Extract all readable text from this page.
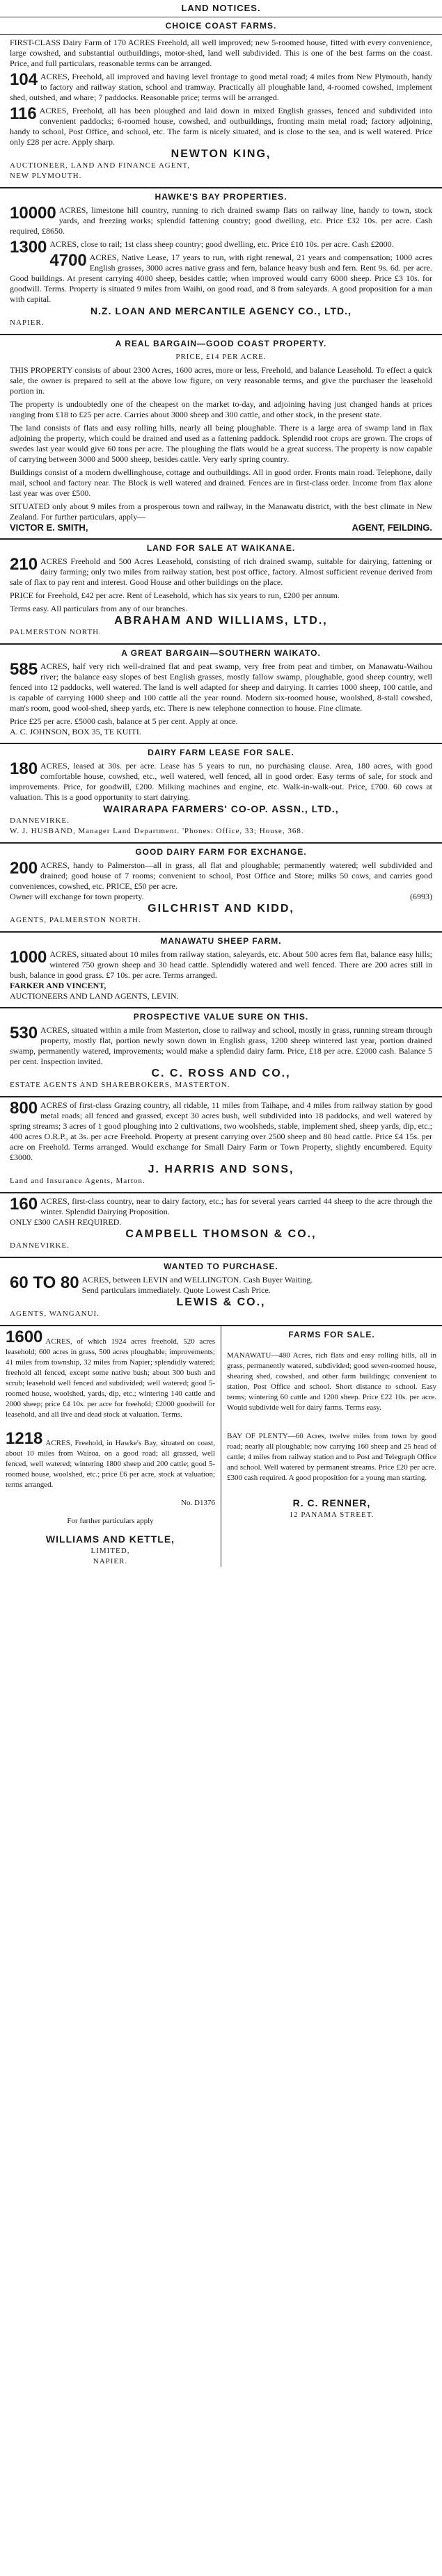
LAND NOTICES.
CHOICE COAST FARMS.

FIRST-CLASS Dairy Farm of 170 ACRES Freehold, all well improved; new 5-roomed house, fitted with every convenience, large cowshed, and substantial outbuildings, motor-shed, land well subdivided. This is one of the best farms on the coast. Price, and full particulars, reasonable terms can be arranged.

104 ACRES, Freehold, all improved and having level frontage to good metal road; 4 miles from New Plymouth, handy to factory and railway station, school and tramway. Practically all ploughable land, 4-roomed cowshed, implement shed, outshed, and whare; 7 paddocks. Reasonable price; terms will be arranged.

116 ACRES, Freehold, all has been ploughed and laid down in mixed English grasses, fenced and subdivided into convenient paddocks; 6-roomed house, cowshed, and outbuildings, fronting main metal road; factory adjoining, handy to school, Post Office, and school, etc. The farm is nicely situated, and is close to the sea, and is well watered. Price only £28 per acre. Apply sharp.

NEWTON KING,

AUCTIONEER, LAND AND FINANCE AGENT,

NEW PLYMOUTH.

HAWKE'S BAY PROPERTIES.
10000 ACRES, limestone hill country, running to rich drained swamp flats on railway line, handy to town, stock yards, and freezing works; splendid fattening country; good dwelling, etc. Price £32 10s. per acre. Cash required, £8650.

1300 ACRES, close to rail; 1st class sheep country; good dwelling, etc. Price £10 10s. per acre. Cash £2000.

4700 ACRES, Native Lease, 17 years to run, with right renewal, 21 years and compensation; 1000 acres English grasses, 3000 acres native grass and fern, balance heavy bush and fern. Rent 9s. 6d. per acre. Good buildings. At present carrying 4000 sheep, besides cattle; when improved would carry 6000 sheep. Price £3 10s. for goodwill. Terms. Property is situated 9 miles from Waihi, on good road, and 8 from saleyards. A good proposition for a man with capital.

N.Z. LOAN AND MERCANTILE AGENCY CO., LTD.,

NAPIER.

A REAL BARGAIN—GOOD COAST PROPERTY.

PRICE, £14 PER ACRE.

THIS PROPERTY consists of about 2300 Acres, 1600 acres, more or less, Freehold, and balance Leasehold. To effect a quick sale, the owner is prepared to sell at the above low figure, on very reasonable terms, and give the purchaser the leasehold portion in.

The property is undoubtedly one of the cheapest on the market to-day, and adjoining having just changed hands at prices ranging from £18 to £25 per acre. Carries about 3000 sheep and 300 cattle, and other stock, in the present state.

The land consists of flats and easy rolling hills, nearly all being ploughable. There is a large area of swamp land in flax adjoining the property, which could be drained and used as a fattening paddock. Splendid root crops are grown. The crops of swedes last year would give 60 tons per acre. The ploughing the flats would be a great success. The property is now capable of carrying between 3000 and 5000 sheep, besides cattle. Very early spring country.

Buildings consist of a modern dwellinghouse, cottage and outbuildings. All in good order. Fronts main road. Telephone, daily mail, school and factory near. The Block is well watered and drained. Fences are in first-class order. Income from flax alone last year was over £500.

SITUATED only about 9 miles from a prosperous town and railway, in the Manawatu district, with the best climate in New Zealand. For further particulars, apply—

VICTOR E. SMITH,	AGENT, FEILDING.
LAND FOR SALE AT WAIKANAE.
210 ACRES Freehold and 500 Acres Leasehold, consisting of rich drained swamp, suitable for dairying, fattening or dairy farming; only two miles from railway station, best post office, factory. Almost sufficient revenue derived from sale of flax to pay rent and interest. Good House and other buildings on the place.

PRICE for Freehold, £42 per acre. Rent of Leasehold, which has six years to run, £200 per annum.

Terms easy. All particulars from any of our branches.

ABRAHAM AND WILLIAMS, LTD.,

PALMERSTON NORTH.

A GREAT BARGAIN—SOUTHERN WAIKATO.
585 ACRES, half very rich well-drained flat and peat swamp, very free from peat and timber, on Manawatu-Waihou river; the balance easy slopes of best English grasses, mostly fallow swamp, ploughable, good sheep country, well fenced into 12 paddocks, well watered. The land is well adapted for sheep and dairying. It carries 1000 sheep, 100 cattle, and is capable of carrying 1000 sheep and 100 cattle all the year round. Modern six-roomed house, woolshed, 8-stall cowshed, man's room, good wool-shed, sheep yards, etc. There is new telephone connection to house. Fine climate.

Price £25 per acre. £5000 cash, balance at 5 per cent. Apply at once.

A. C. JOHNSON, BOX 35, TE KUITI.

DAIRY FARM LEASE FOR SALE.
180 ACRES, leased at 30s. per acre. Lease has 5 years to run, no purchasing clause. Area, 180 acres, with good comfortable house, cowshed, etc., well watered, well fenced, all in good order. Easy terms of sale, for stock and improvements. Price, for goodwill, £200. Milking machines and engine, etc. Walk-in-walk-out. Price, £700. 60 cows at valuation. This is a good opportunity to start dairying.

WAIRARAPA FARMERS' CO-OP. ASSN., LTD.,

DANNEVIRKE.

W. J. HUSBAND, Manager Land Department. 'Phones: Office, 33; House, 368.

GOOD DAIRY FARM FOR EXCHANGE.
200 ACRES, handy to Palmerston—all in grass, all flat and ploughable; permanently watered; well subdivided and drained; good house of 7 rooms; convenient to school, Post Office and Store; milks 50 cows, and carries good conveniences, cowshed, etc. PRICE, £50 per acre.

Owner will exchange for town property.	(6993)
GILCHRIST AND KIDD,

AGENTS, PALMERSTON NORTH.

MANAWATU SHEEP FARM.
1000 ACRES, situated about 10 miles from railway station, saleyards, etc. About 500 acres fern flat, balance easy hills; wintered 750 grown sheep and 30 head cattle. Splendidly watered and well fenced. There are 200 acres still in bush, balance in good grass. £7 10s. per acre. Terms arranged.

FARKER AND VINCENT,

AUCTIONEERS AND LAND AGENTS, LEVIN.

PROSPECTIVE VALUE SURE ON THIS.
530 ACRES, situated within a mile from Masterton, close to railway and school, mostly in grass, running stream through property, mostly flat, portion newly sown down in English grass, 1200 sheep wintered last year, portion drained swamp, permanently watered, improvements; would make a splendid dairy farm. Price, £18 per acre. £2000 cash. Balance 5 per cent. Inspection invited.

C. C. ROSS AND CO.,

ESTATE AGENTS AND SHAREBROKERS, MASTERTON.

800 ACRES of first-class Grazing country, all ridable, 11 miles from Taihape, and 4 miles from railway station by good metal roads; all fenced and grassed, except 30 acres bush, well subdivided into 18 paddocks, and well watered by spring streams; 3 acres of 1 good ploughing into 2 cultivations, two woolsheds, stable, implement shed, sheep yards, dip, etc.; 400 acres O.R.P., at 3s. per acre Freehold. Property at present carrying over 2500 sheep and 80 head cattle. Price £4 15s. per acre on Freehold. Terms arranged. Would exchange for Small Dairy Farm or Town Property, slightly encumbered. Equity £3000.

J. HARRIS AND SONS,

Land and Insurance Agents, Marton.

160 ACRES, first-class country, near to dairy factory, etc.; has for several years carried 44 sheep to the acre through the winter. Splendid Dairying Proposition.

ONLY £300 CASH REQUIRED.

CAMPBELL THOMSON & CO.,

DANNEVIRKE.

WANTED TO PURCHASE.
60 TO 80 ACRES, between LEVIN and WELLINGTON. Cash Buyer Waiting.

Send particulars immediately. Quote Lowest Cash Price.

LEWIS & CO.,

AGENTS, WANGANUI.

1600 ACRES, of which 1924 acres freehold, 520 acres leasehold; 600 acres in grass, 500 acres ploughable; improvements; 41 miles from township, 32 miles from Napier; splendidly watered; freehold all fenced, except some native bush; about 300 bush and scrub; leasehold well fenced and subdivided; well watered; good 5-roomed house, woolshed, yards, dip, etc.; wintering 140 cattle and 2000 sheep; price £4 10s. per acre for freehold; £2000 goodwill for leasehold, and all live and dead stock at valuation. Terms.

1218 ACRES, Freehold, in Hawke's Bay, situated on coast, about 10 miles from Wairoa, on a good road; all grassed, well fenced, well watered; wintering 1800 sheep and 200 cattle; good 5-roomed house, woolshed, etc.; price £6 per acre, stock at valuation; terms arranged.

No. D1376

For further particulars apply

WILLIAMS AND KETTLE,

LIMITED,

NAPIER.

FARMS FOR SALE.

MANAWATU—480 Acres, rich flats and easy rolling hills, all in grass, permanently watered, subdivided; good seven-roomed house, shearing shed, cowshed, and other farm buildings; convenient to station, Post Office and school. Short distance to school. Easy terms; wintering 60 cattle and 1200 sheep. Price £22 10s. per acre. Would subdivide well for dairy farms. Terms easy.

BAY OF PLENTY—60 Acres, twelve miles from town by good road; nearly all ploughable; now carrying 160 sheep and 25 head of cattle; 4 miles from railway station and to Post and Telegraph Office and school. Well watered by permanent streams. Price £20 per acre. £300 cash required. A good proposition for a young man starting.

R. C. RENNER,

12 PANAMA STREET.
